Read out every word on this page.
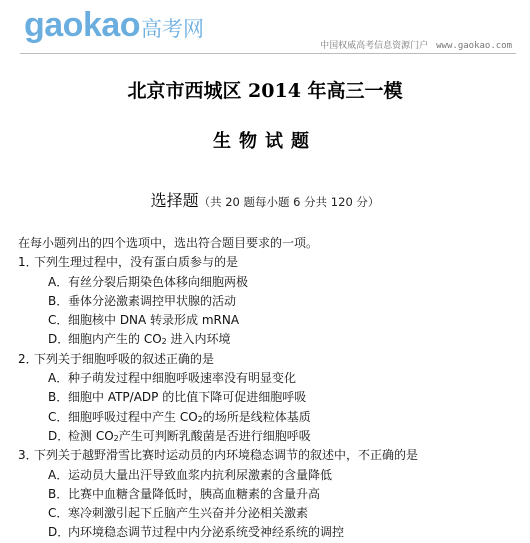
gaokao高考网
中国权威高考信息资源门户 www.gaokao.com
北京市西城区 2014 年高三一模
生物试题
选择题（共 20 题每小题 6 分共 120 分）
在每小题列出的四个选项中，选出符合题目要求的一项。
1．下列生理过程中，没有蛋白质参与的是
A．有丝分裂后期染色体移向细胞两极
B．垂体分泌激素调控甲状腺的活动
C．细胞核中 DNA 转录形成 mRNA
D．细胞内产生的 $CO_2$ 进入内环境
2．下列关于细胞呼吸的叙述正确的是
A．种子萌发过程中细胞呼吸速率没有明显变化
B．细胞中 ATP/ADP 的比值下降可促进细胞呼吸
C．细胞呼吸过程中产生 $CO_2$的场所是线粒体基质
D．检测 $CO_2$产生可判断乳酸菌是否进行细胞呼吸
3．下列关于越野滑雪比赛时运动员的内环境稳态调节的叙述中，不正确的是
A．运动员大量出汗导致血浆内抗利尿激素的含量降低
B．比赛中血糖含量降低时，胰高血糖素的含量升高
C．寒冷刺激引起下丘脑产生兴奋并分泌相关激素
D．内环境稳态调节过程中内分泌系统受神经系统的调控
